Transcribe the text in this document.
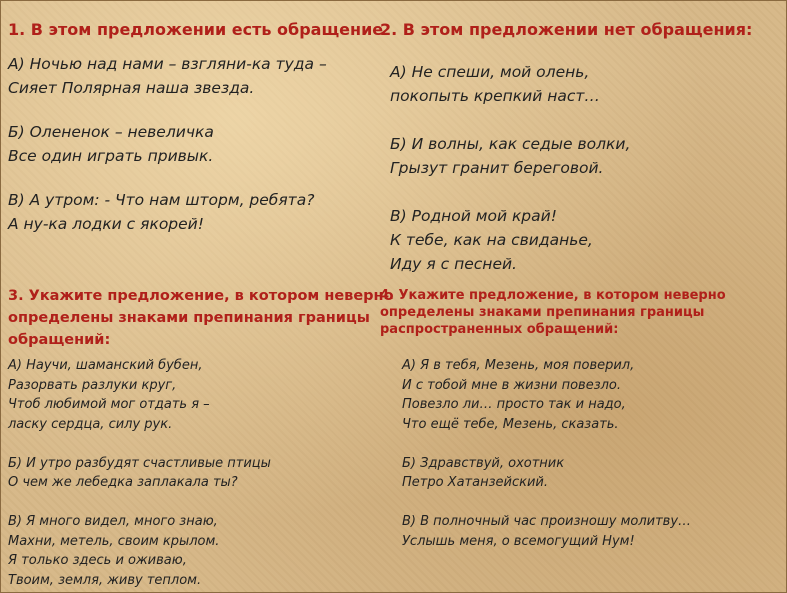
1. В этом предложении есть обращение
А) Ночью над нами – взгляни-ка туда –
Сияет Полярная наша звезда.
Б) Олененок – невеличка
Все один играть привык.
В) А утром: - Что нам шторм, ребята?
А ну-ка лодки с якорей!
2. В этом предложении нет обращения:
А) Не спеши, мой олень,
покопыть крепкий наст…
Б) И волны, как седые волки,
Грызут гранит береговой.
В) Родной мой край!
К тебе, как на свиданье,
Иду я с песней.
3. Укажите предложение, в котором неверно
определены знаками препинания границы
обращений:
А) Научи, шаманский бубен,
Разорвать разлуки круг,
Чтоб любимой мог отдать я –
ласку сердца, силу рук.
Б) И утро разбудят счастливые птицы
О чем же лебедка заплакала ты?
В) Я много видел, много знаю,
Махни, метель, своим крылом.
Я только здесь и оживаю,
Твоим, земля, живу теплом.
4. Укажите предложение, в котором неверно
определены знаками препинания границы
распространенных обращений:
А) Я в тебя, Мезень, моя поверил,
И с тобой мне в жизни повезло.
Повезло ли… просто так и надо,
Что ещё тебе, Мезень, сказать.
Б) Здравствуй, охотник
Петро Хатанзейский.
В) В полночный час произношу молитву…
Услышь меня, о всемогущий Нум!
